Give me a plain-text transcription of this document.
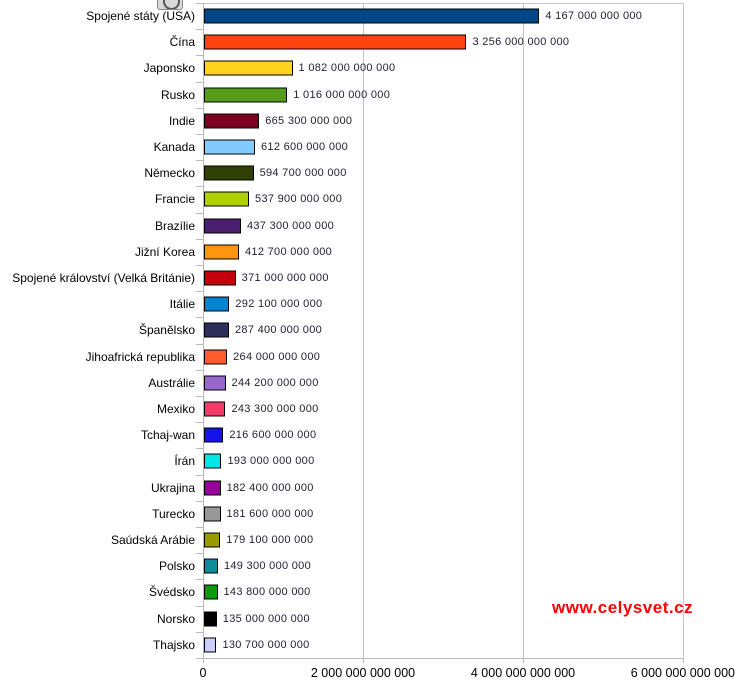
Spojené státy (USA)	4 167 000 000 000
Čína	3 256 000 000 000
Japonsko	1 082 000 000 000
Rusko	1 016 000 000 000
Indie	665 300 000 000
Kanada	612 600 000 000
Německo	594 700 000 000
Francie	537 900 000 000
Brazílie	437 300 000 000
Jižní Korea	412 700 000 000
Spojené království (Velká Británie)	371 000 000 000
Itálie	292 100 000 000
Španělsko	287 400 000 000
Jihoafrická republika	264 000 000 000
Austrálie	244 200 000 000
Mexiko	243 300 000 000
Tchaj-wan	216 600 000 000
Írán	193 000 000 000
Ukrajina	182 400 000 000
Turecko	181 600 000 000
Saúdská Arábie	179 100 000 000
Polsko	149 300 000 000
Švédsko	143 800 000 000
Norsko	135 000 000 000
Thajsko 130 700 000 000
0	2 000 000 000 000	4 000 000 000 000	6 000 000 000 000
www.celysvet.cz
